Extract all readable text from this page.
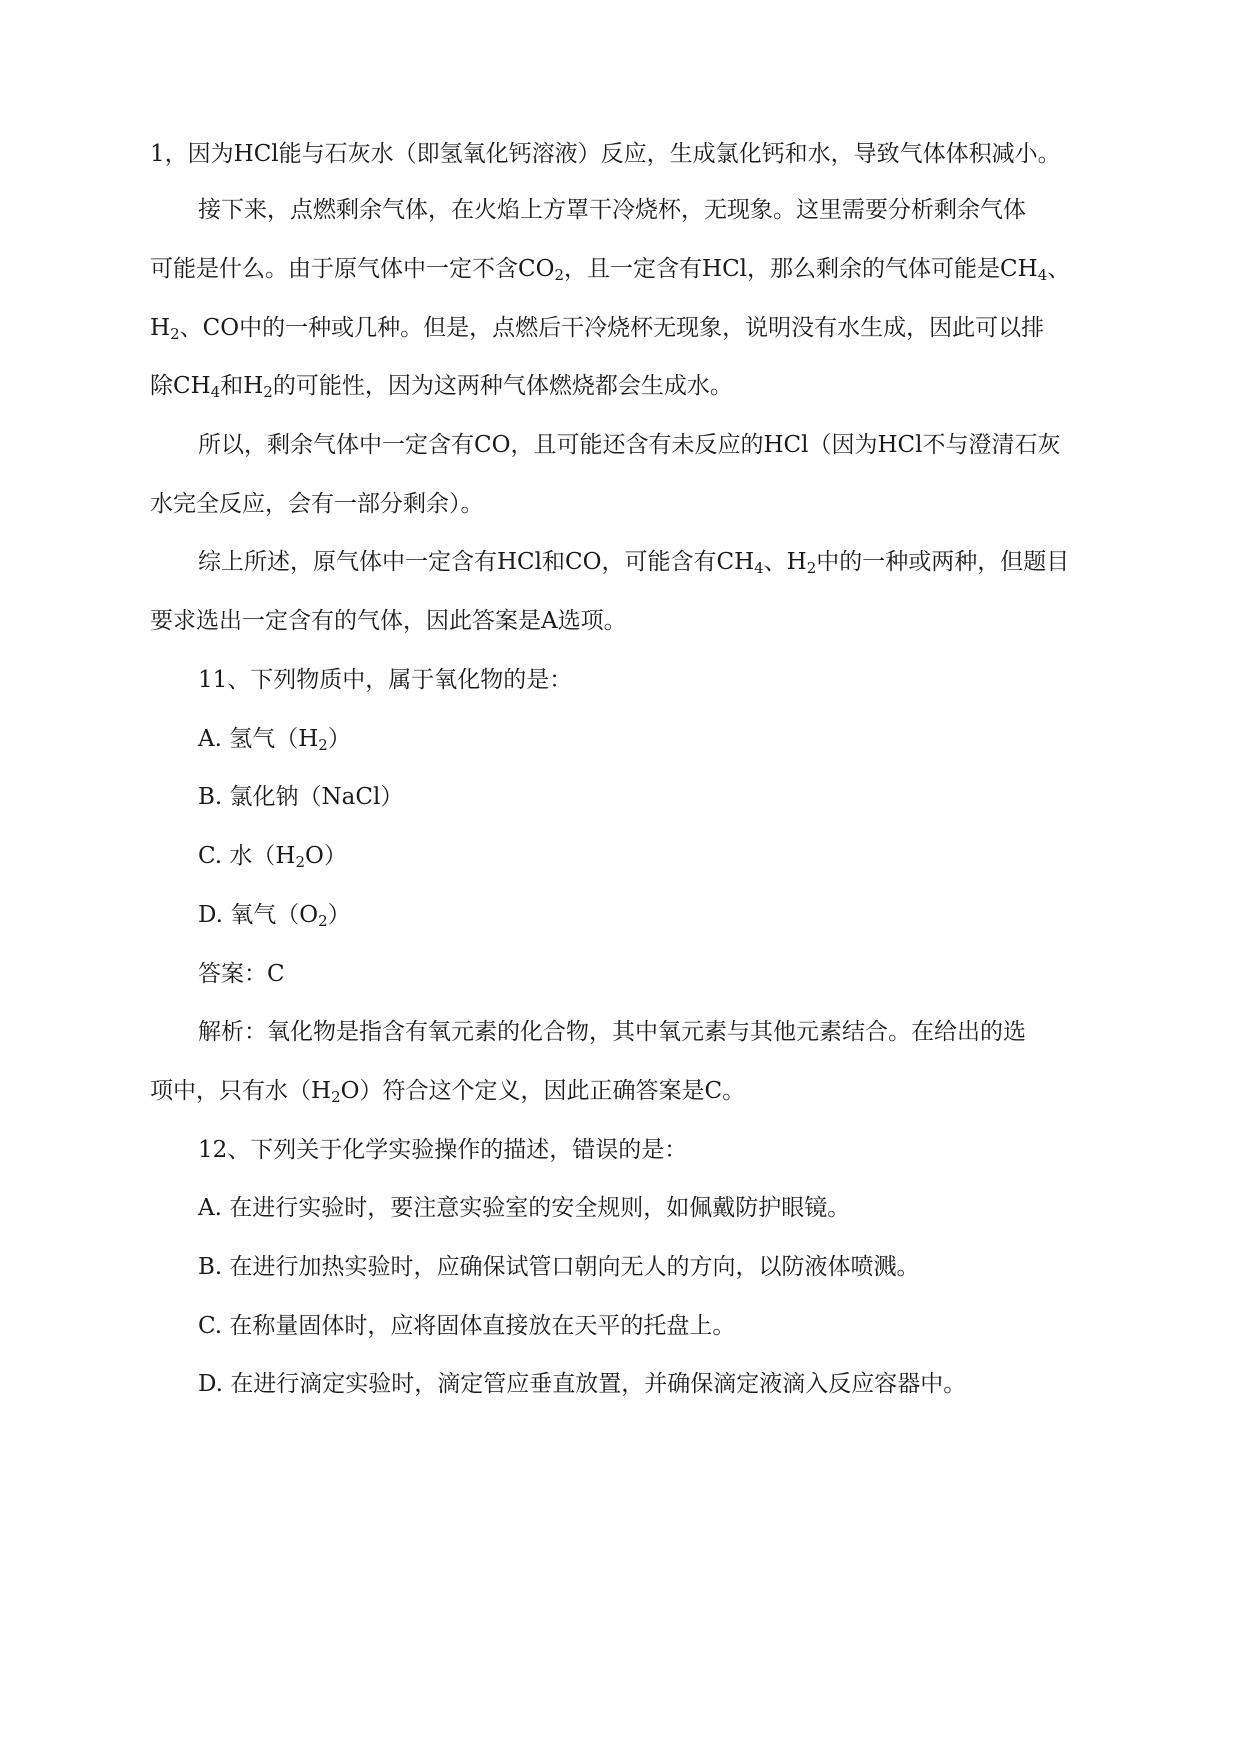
1，因为HCl能与石灰水（即氢氧化钙溶液）反应，生成氯化钙和水，导致气体体积减小。

接下来，点燃剩余气体，在火焰上方罩干冷烧杯，无现象。这里需要分析剩余气体

可能是什么。由于原气体中一定不含$CO_2$，且一定含有HCl，那么剩余的气体可能是$CH_4$、

$H_2$、CO中的一种或几种。但是，点燃后干冷烧杯无现象，说明没有水生成，因此可以排

除$CH_4$和$H_2$的可能性，因为这两种气体燃烧都会生成水。

所以，剩余气体中一定含有CO，且可能还含有未反应的HCl（因为HCl不与澄清石灰

水完全反应，会有一部分剩余）。

综上所述，原气体中一定含有HCl和CO，可能含有$CH_4$、$H_2$中的一种或两种，但题目

要求选出一定含有的气体，因此答案是A选项。

11、下列物质中，属于氧化物的是：

A. 氢气$(H_2)$

B. 氯化钠（NaCl）

C. 水$(H_2O)$

D. 氧气$(O_2)$

答案：C

解析：氧化物是指含有氧元素的化合物，其中氧元素与其他元素结合。在给出的选

项中，只有水$(H_2O)$符合这个定义，因此正确答案是C。

12、下列关于化学实验操作的描述，错误的是：

A. 在进行实验时，要注意实验室的安全规则，如佩戴防护眼镜。

B. 在进行加热实验时，应确保试管口朝向无人的方向，以防液体喷溅。

C. 在称量固体时，应将固体直接放在天平的托盘上。

D. 在进行滴定实验时，滴定管应垂直放置，并确保滴定液滴入反应容器中。
